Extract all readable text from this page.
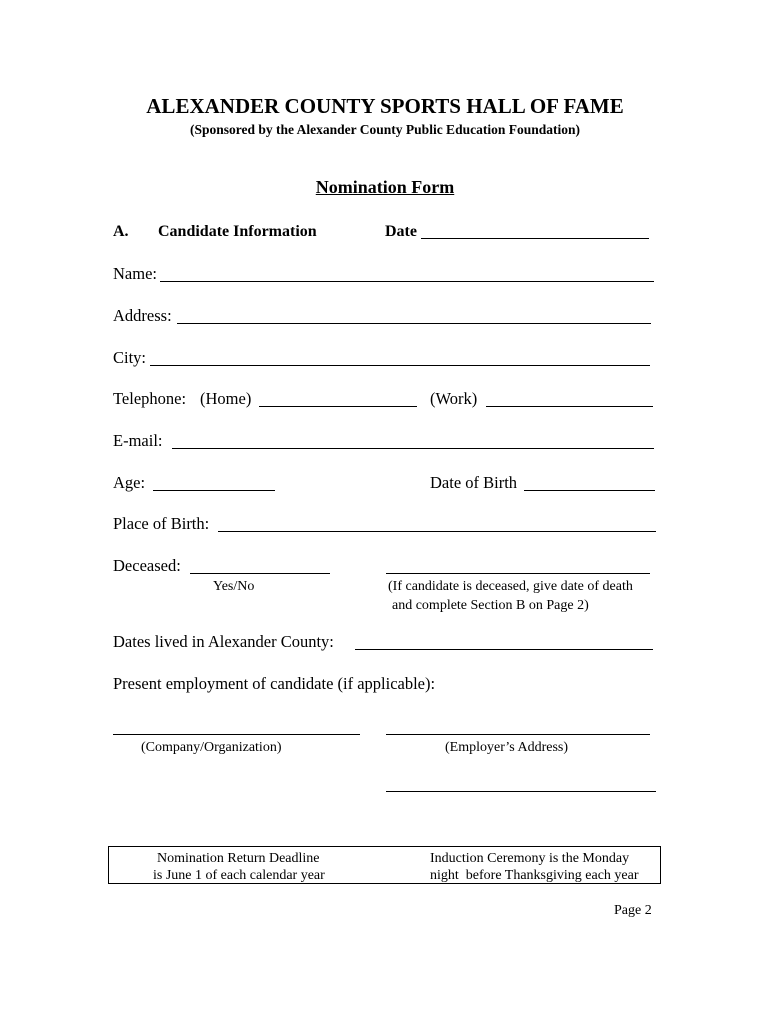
ALEXANDER COUNTY SPORTS HALL OF FAME
(Sponsored by the Alexander County Public Education Foundation)
Nomination Form
A. Candidate Information	Date
Name:
Address:
City:
Telephone: (Home)	(Work)
E-mail:
Age:	Date of Birth
Place of Birth:
Deceased:
Yes/No	(If candidate is deceased, give date of death
and complete Section B on Page 2)
Dates lived in Alexander County:
Present employment of candidate (if applicable):
(Company/Organization)	(Employer’s Address)
Nomination Return Deadline
is June 1 of each calendar year
Induction Ceremony is the Monday
night  before Thanksgiving each year
Page 2
